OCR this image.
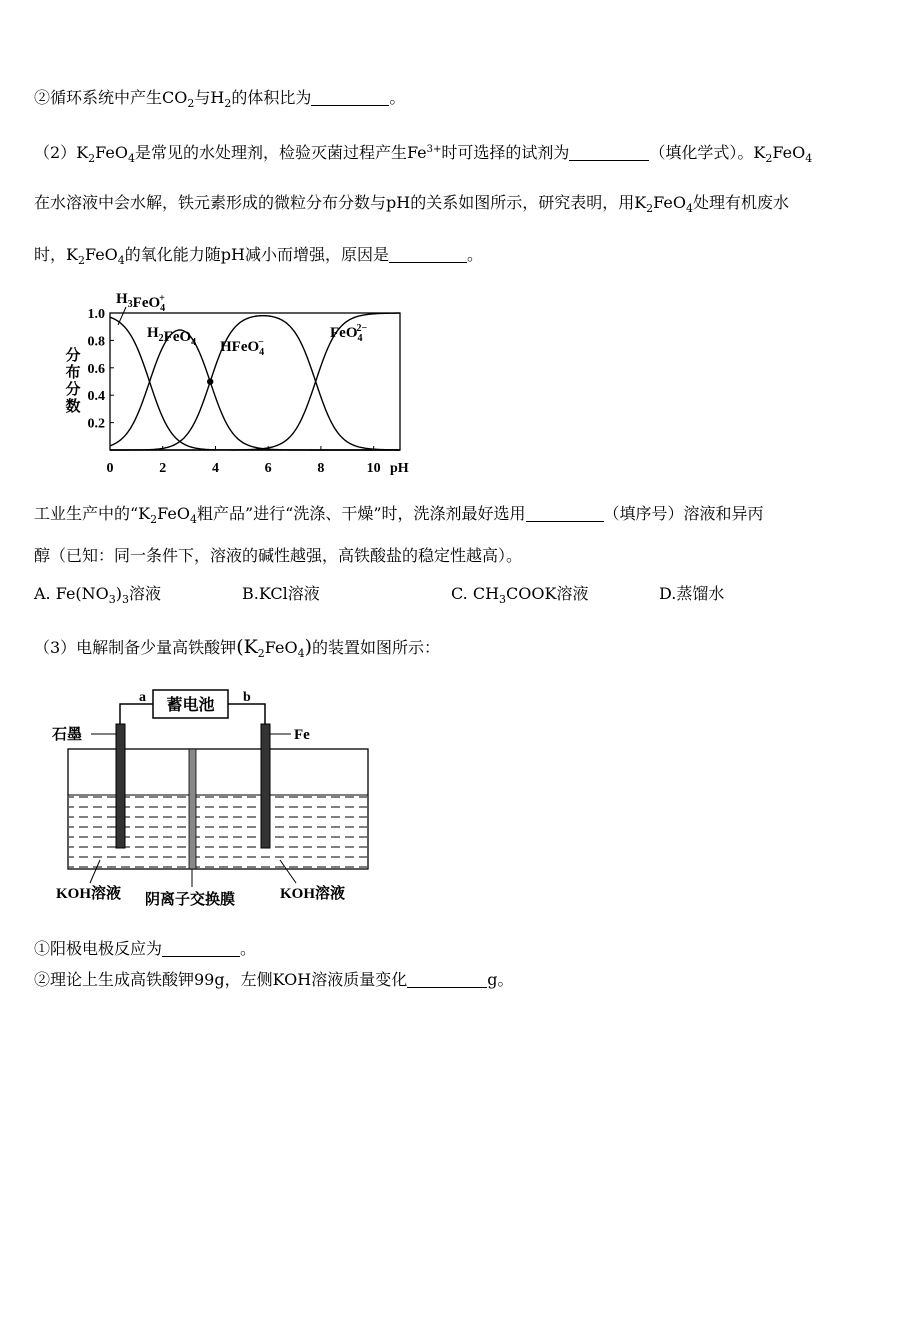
②循环系统中产生$CO_2$与$H_2$的体积比为	。
$(2)K_2FeO_4$是常见的水处理剂，检验灭菌过程产生$Fe^{3+}$时可选择的试剂为	（填化学式）。$K_2FeO_4$
在水溶液中会水解，铁元素形成的微粒分布分数与pH的关系如图所示，研究表明，用$K_2FeO_4$处理有机废水
时，$K_2FeO_4$的氧化能力随pH减小而增强，原因是	。
分布分数
1.0
0.8
0.6
0.4
0.2
0	2	4	6	8	10
$H_3FeO_4+$
$H_2FeO_4$ HFeO$_4$−
FeO$_4$2−
pH
工业生产中的“$K_2FeO_4$粗产品”进行“洗涤、干燥”时，洗涤剂最好选用	（填序号）溶液和异丙
醇（已知：同一条件下，溶液的碱性越强，高铁酸盐的稳定性越高）。
A. $Fe(NO_3)_3$溶液	B.KCl溶液	C. $CH_3COOK$溶液	D.蒸馏水
（3）电解制备少量高铁酸钾$(K_2FeO_4)$的装置如图所示：
蓄电池
a	b
石墨	Fe
KOH溶液 阴离子交换膜	KOH溶液
①阳极电极反应为	。
②理论上生成高铁酸钾99g，左侧KOH溶液质量变化	g。
